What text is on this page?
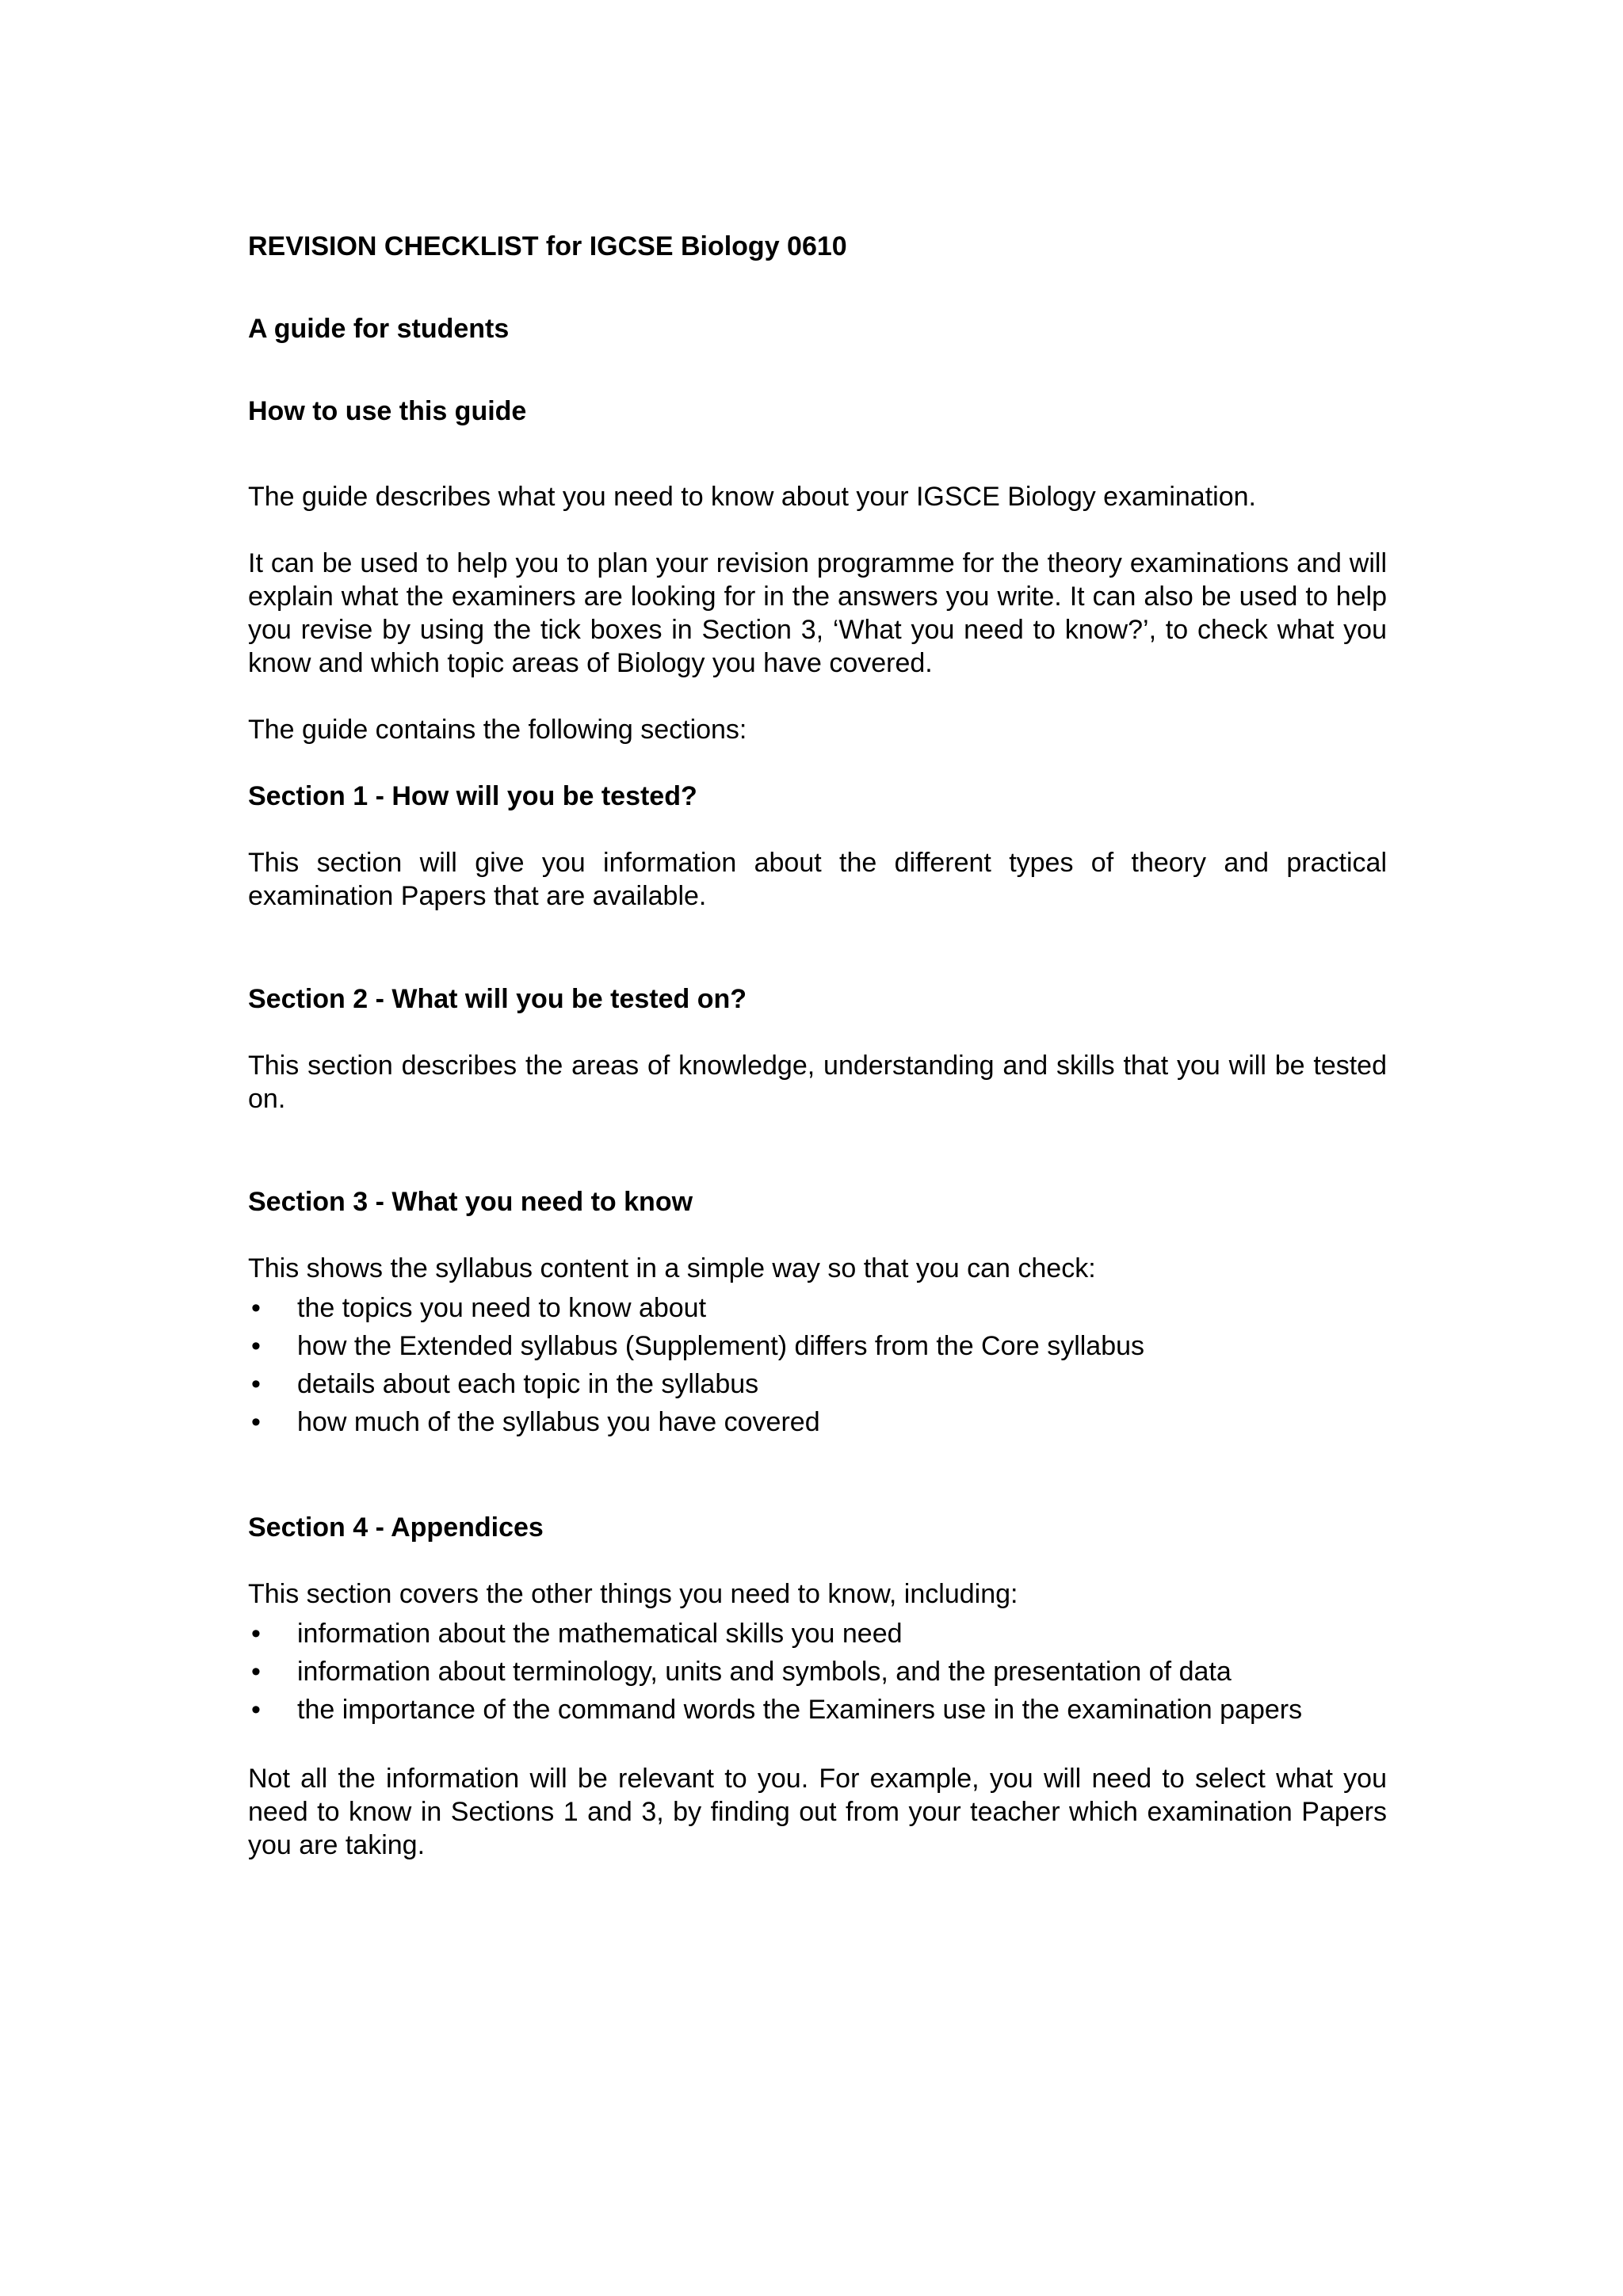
REVISION CHECKLIST for IGCSE Biology 0610
A guide for students
How to use this guide

The guide describes what you need to know about your IGSCE Biology examination.

It can be used to help you to plan your revision programme for the theory examinations and will explain what the examiners are looking for in the answers you write. It can also be used to help you revise by using the tick boxes in Section 3, ‘What you need to know?’, to check what you know and which topic areas of Biology you have covered.

The guide contains the following sections:

Section 1 - How will you be tested?

This section will give you information about the different types of theory and practical examination Papers that are available.

Section 2 - What will you be tested on?

This section describes the areas of knowledge, understanding and skills that you will be tested on.

Section 3 - What you need to know

This shows the syllabus content in a simple way so that you can check:

•	the topics you need to know about
•	how the Extended syllabus (Supplement) differs from the Core syllabus
•	details about each topic in the syllabus
•	how much of the syllabus you have covered
Section 4 - Appendices

This section covers the other things you need to know, including:

•	information about the mathematical skills you need
•	information about terminology, units and symbols, and the presentation of data
•	the importance of the command words the Examiners use in the examination papers

Not all the information will be relevant to you. For example, you will need to select what you need to know in Sections 1 and 3, by finding out from your teacher which examination Papers you are taking.
